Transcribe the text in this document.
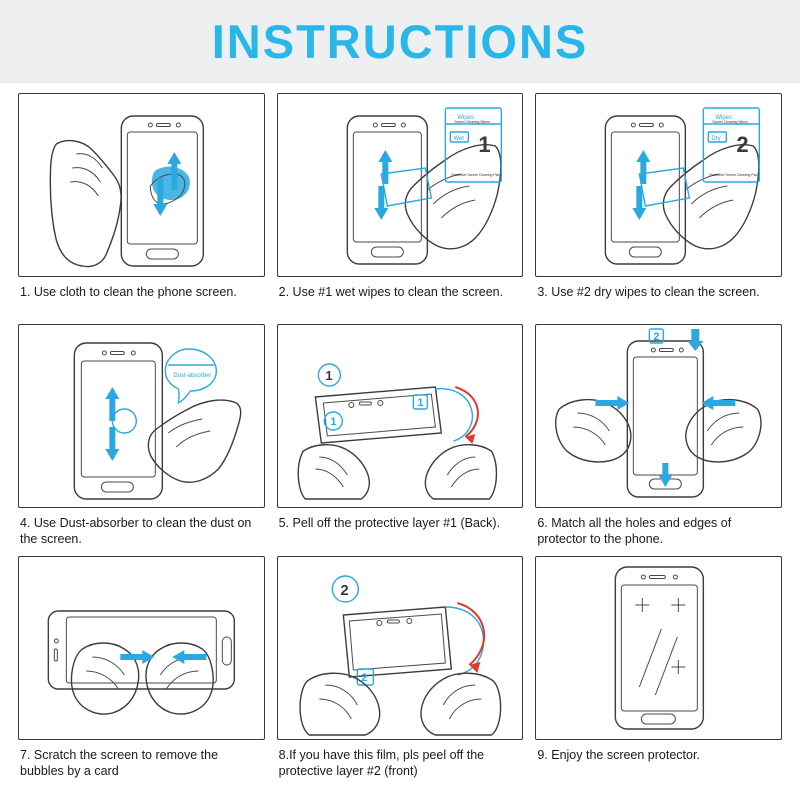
INSTRUCTIONS
1. Use cloth to clean the phone screen.
Wipes
Screen Cleaning Wipes
Wet 1
Protective Screen Cleaning Pad
2. Use #1 wet wipes to clean the screen.
Wipes
Screen Cleaning Wipes
Dry 2
Protective Screen Cleaning Pad
3. Use #2 dry wipes to clean the screen.
Dust-absorber
4. Use Dust-absorber to clean the dust on the screen.
1
1
1
5. Pell off the protective layer #1 (Back).
2
6. Match all the holes and edges of protector to the phone.
7. Scratch the screen to remove the bubbles by a card
2
2
8.If you have this film, pls peel off the protective layer #2 (front)
9. Enjoy the screen protector.
